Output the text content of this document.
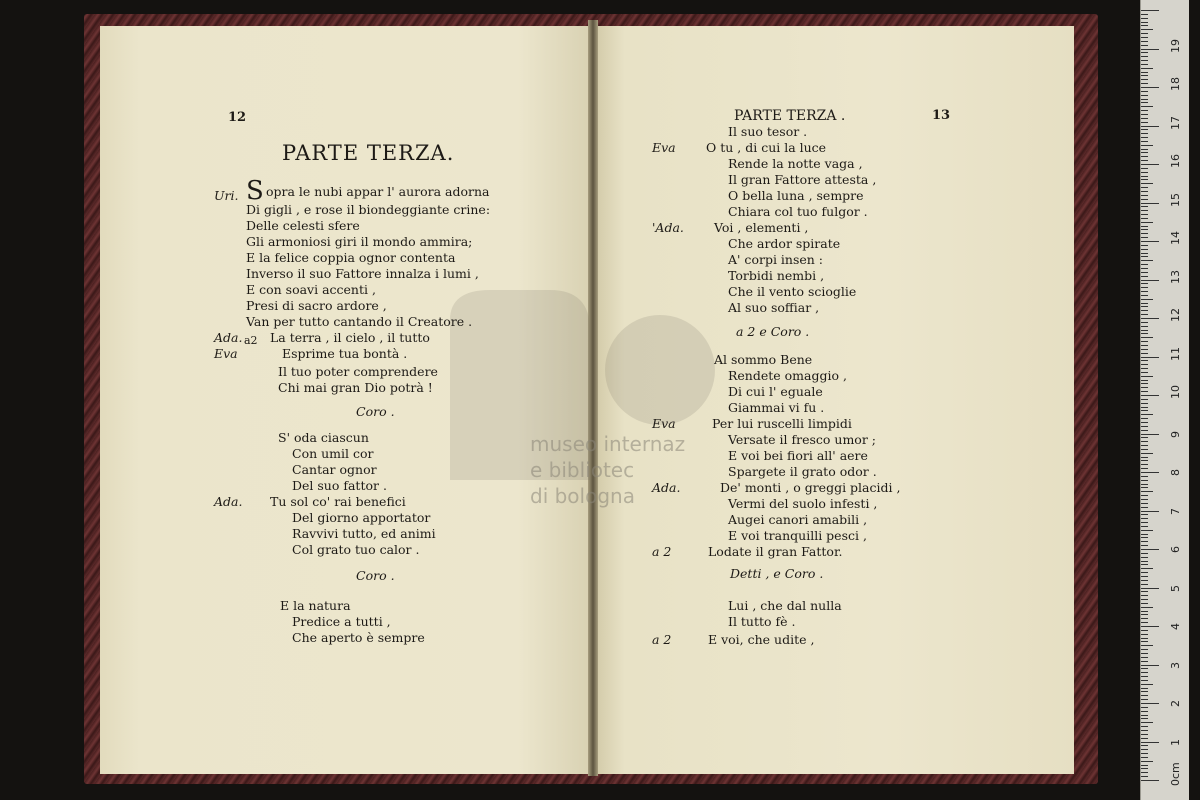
museo internaz
e bibliotec
di bologna
12
PARTE TERZA.
Uri. S opra le nubi appar l' aurora adorna
Di gigli , e rose il biondeggiante crine:
Delle celesti sfere
Gli armoniosi giri il mondo ammira;
E la felice coppia ognor contenta
Inverso il suo Fattore innalza i lumi ,
E con soavi accenti ,
Presi di sacro ardore ,
Van per tutto cantando il Creatore .
Ada. La terra , il cielo , il tutto
Eva
a2
Esprime tua bontà .
Il tuo poter comprendere
Chi mai gran Dio potrà !
Coro .
S' oda ciascun
Con umil cor
Cantar ognor
Del suo fattor .
Ada. Tu sol co' rai benefici
Del giorno apportator
Ravvivi tutto, ed animi
Col grato tuo calor .
Coro .
E la natura
Predice a tutti ,
Che aperto è sempre
PARTE TERZA .	13
Il suo tesor .
Eva O tu , di cui la luce
Rende la notte vaga ,
Il gran Fattore attesta ,
O bella luna , sempre
Chiara col tuo fulgor .
'Ada. Voi , elementi ,
Che ardor spirate
A' corpi insen :
Torbidi nembi ,
Che il vento scioglie
Al suo soffiar ,
a 2 e Coro .
Al sommo Bene
Rendete omaggio ,
Di cui l' eguale
Giammai vi fu .
Eva	Per lui ruscelli limpidi
Versate il fresco umor ;
E voi bei fiori all' aere
Spargete il grato odor .
Ada.	De' monti , o greggi placidi ,
Vermi del suolo infesti ,
Augei canori amabili ,
E voi tranquilli pesci ,
a 2	Lodate il gran Fattor.
Detti , e Coro .
Lui , che dal nulla
Il tutto fè .
a 2	E voi, che udite ,
0cm
1
2
3
4
5
6
7
8
9
10
11
12
13
14
15
16
17
18
19
